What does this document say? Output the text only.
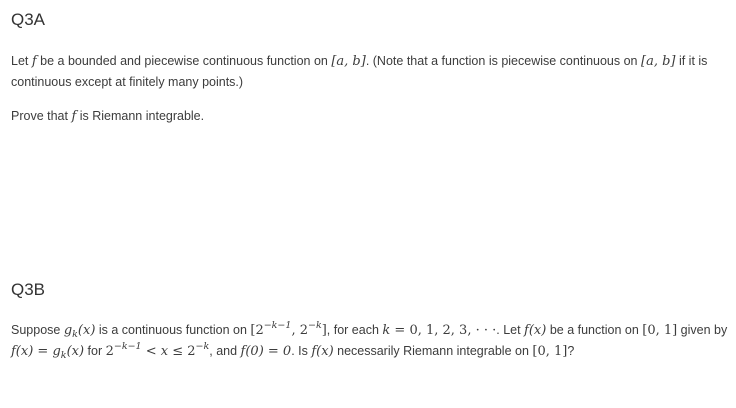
Q3A

Let f be a bounded and piecewise continuous function on [a, b]. (Note that a function is piecewise continuous on [a, b] if it is continuous except at finitely many points.)

Prove that f is Riemann integrable.

Q3B

Suppose $g_k(x)$ is a continuous function on [$2^{-k-1}$, $2^{-k}$], for each k = 0, 1, 2, 3, · · ·. Let f(x) be a function on [0, 1] given by $f(x) = g_k(x)$ for $2^{-k-1} < x \le 2^{-k}$, and f(0) = 0. Is f(x) necessarily Riemann integrable on [0, 1]?
